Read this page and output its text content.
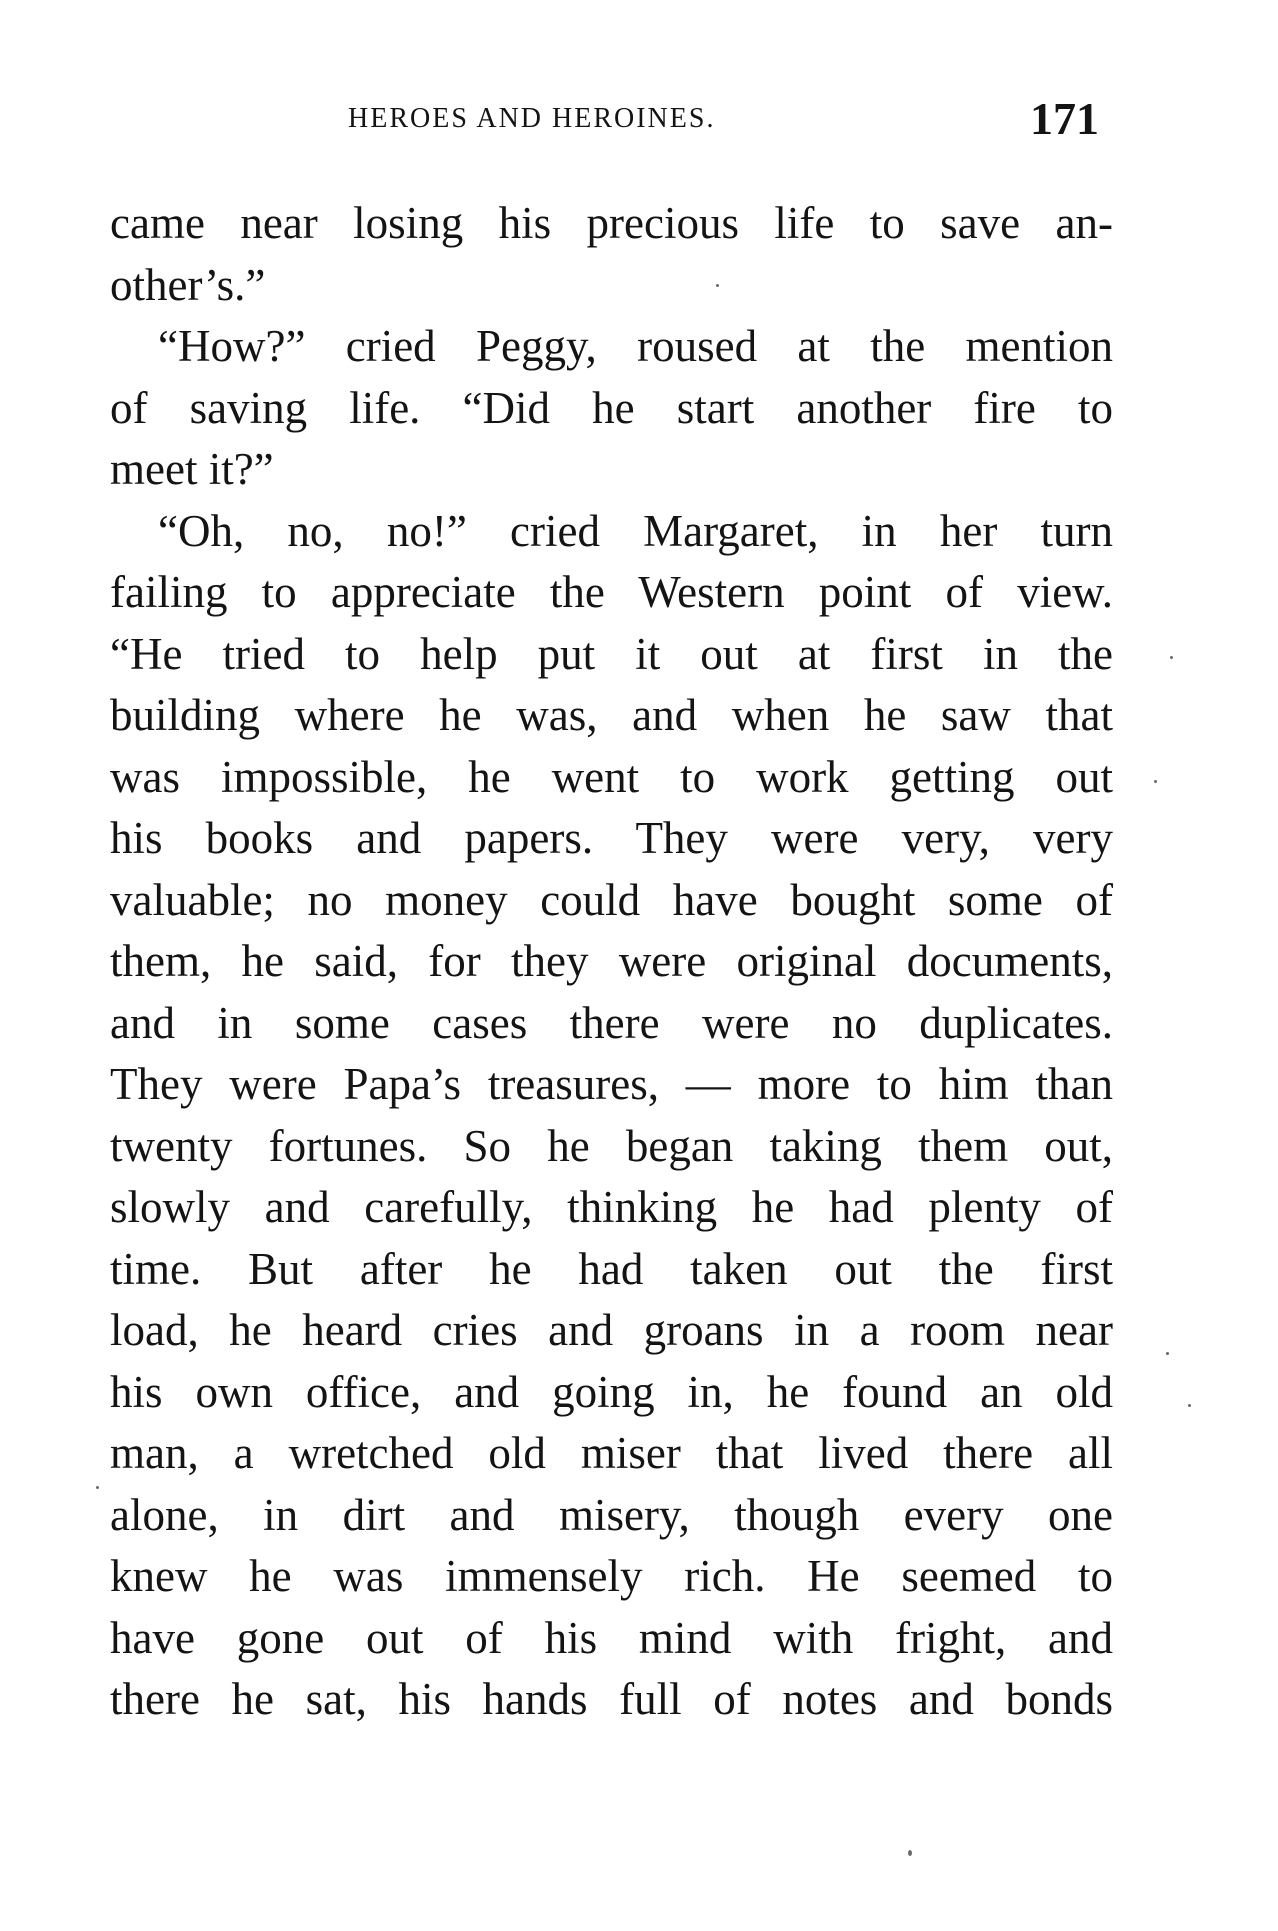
HEROES AND HEROINES.	171
came near losing his precious life to save an-
other’s.”
“How?” cried Peggy, roused at the mention
of saving life. “Did he start another fire to
meet it?”
“Oh, no, no!” cried Margaret, in her turn
failing to appreciate the Western point of view.
“He tried to help put it out at first in the
building where he was, and when he saw that
was impossible, he went to work getting out
his books and papers. They were very, very
valuable; no money could have bought some of
them, he said, for they were original documents,
and in some cases there were no duplicates.
They were Papa’s treasures, — more to him than
twenty fortunes. So he began taking them out,
slowly and carefully, thinking he had plenty of
time. But after he had taken out the first
load, he heard cries and groans in a room near
his own office, and going in, he found an old
man, a wretched old miser that lived there all
alone, in dirt and misery, though every one
knew he was immensely rich. He seemed to
have gone out of his mind with fright, and
there he sat, his hands full of notes and bonds
